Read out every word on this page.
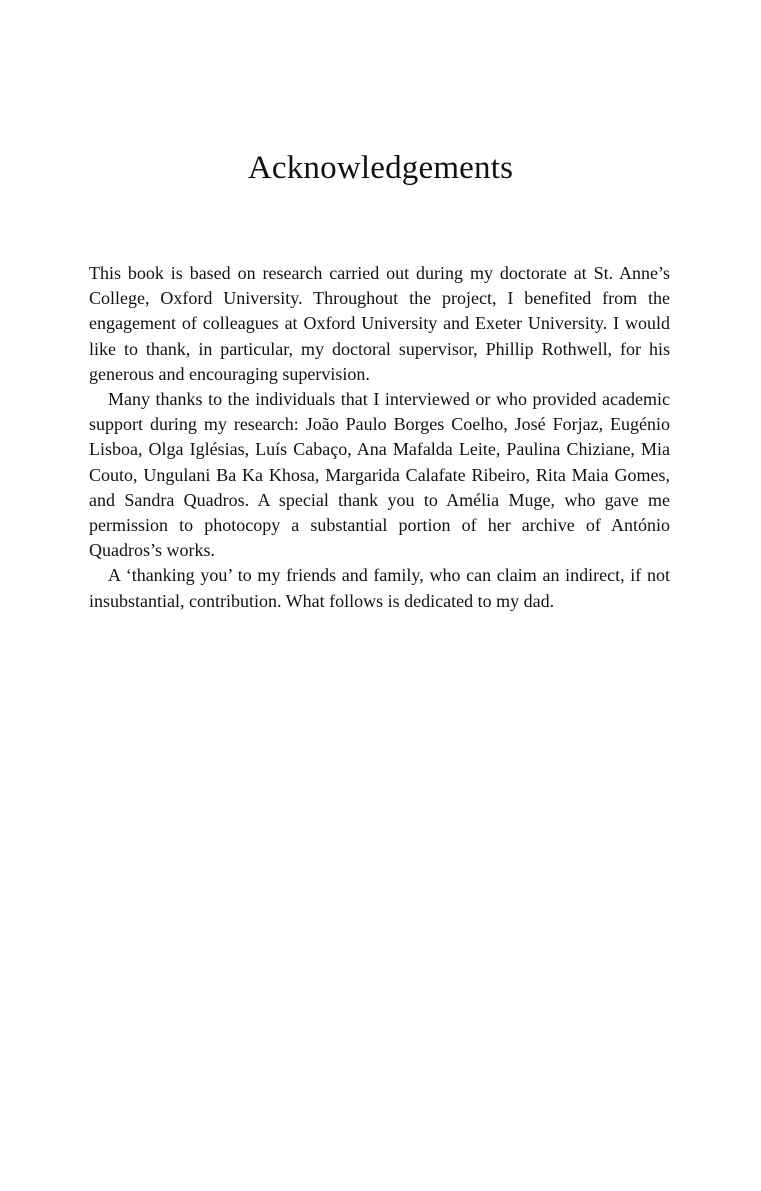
Acknowledgements

This book is based on research carried out during my doctorate at St. Anne’s College, Oxford University. Throughout the project, I benefited from the engagement of colleagues at Oxford University and Exeter University. I would like to thank, in particular, my doctoral supervisor, Phillip Rothwell, for his generous and encouraging supervision.

Many thanks to the individuals that I interviewed or who provided academic support during my research: João Paulo Borges Coelho, José Forjaz, Eugénio Lisboa, Olga Iglésias, Luís Cabaço, Ana Mafalda Leite, Paulina Chiziane, Mia Couto, Ungulani Ba Ka Khosa, Margarida Calafate Ribeiro, Rita Maia Gomes, and Sandra Quadros. A special thank you to Amélia Muge, who gave me permission to photocopy a substantial portion of her archive of António Quadros’s works.

A ‘thanking you’ to my friends and family, who can claim an indirect, if not insubstantial, contribution. What follows is dedicated to my dad.
